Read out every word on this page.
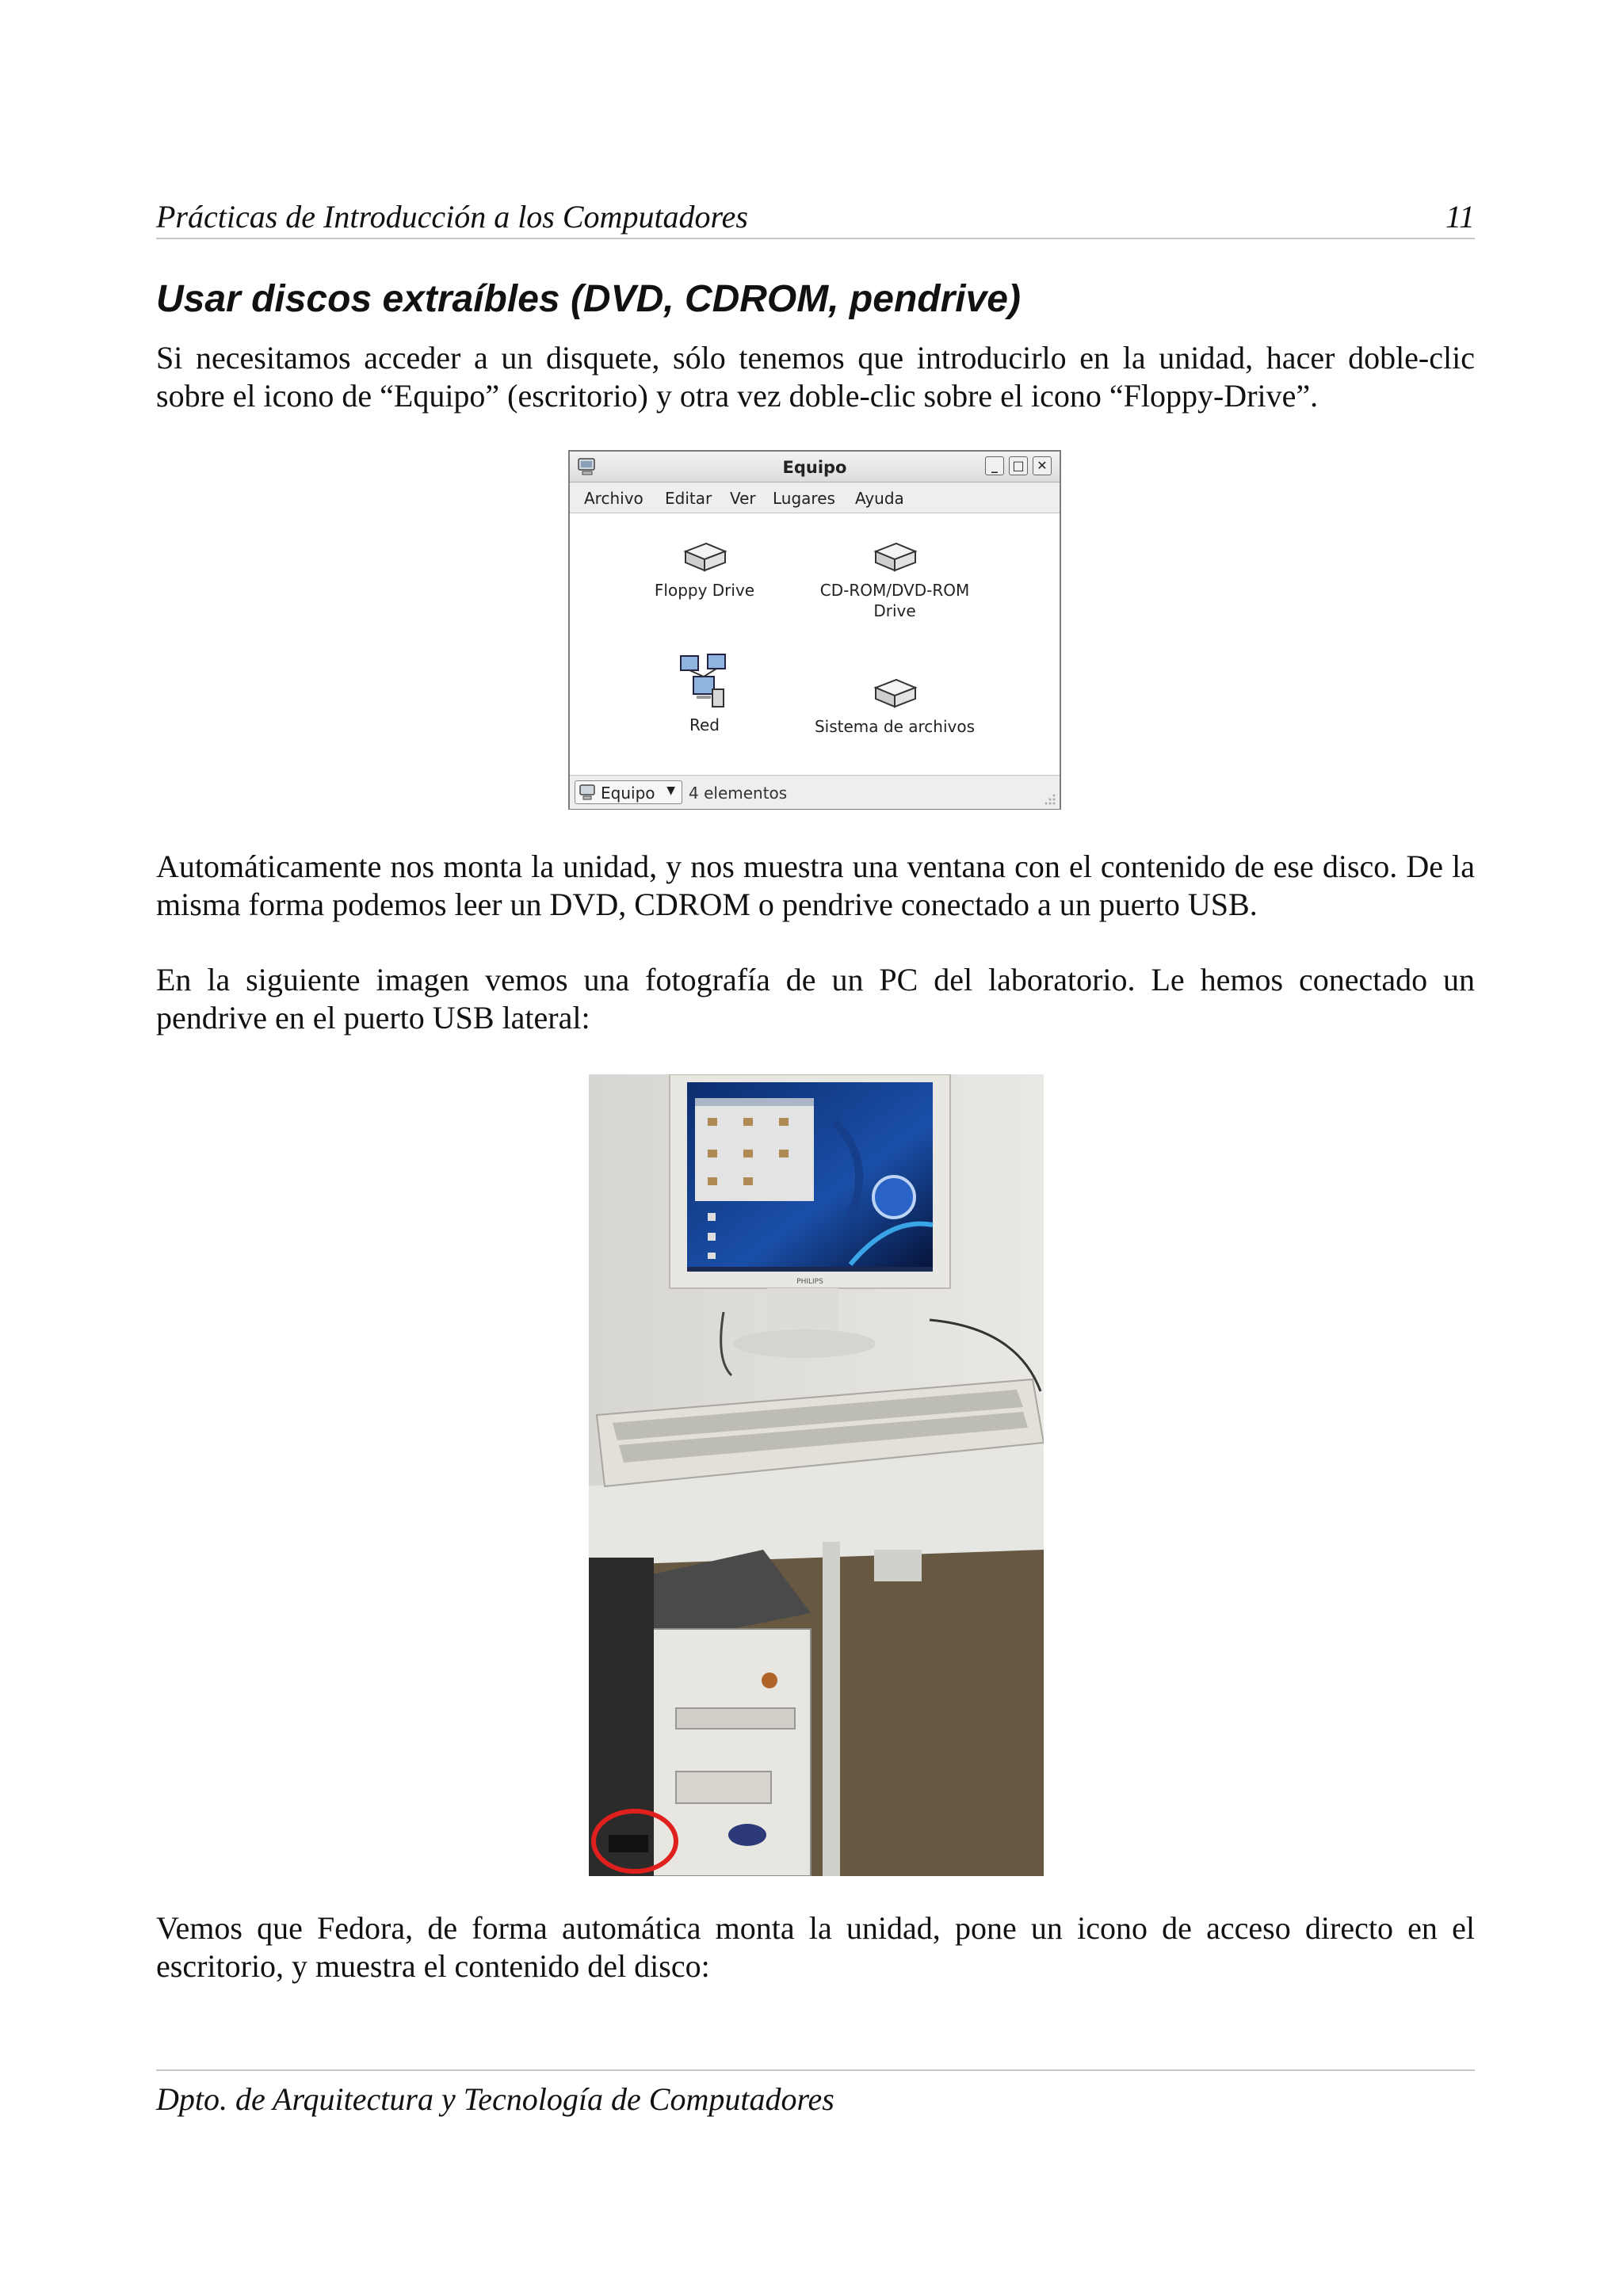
Prácticas de Introducción a los Computadores	11
Usar discos extraíbles (DVD, CDROM, pendrive)

Si necesitamos acceder a un disquete, sólo tenemos que introducirlo en la unidad, hacer doble-clic sobre el icono de “Equipo” (escritorio) y otra vez doble-clic sobre el icono “Floppy-Drive”.

Equipo	_	□ ✕
Archivo Editar Ver Lugares Ayuda
Floppy Drive	CD-ROM/DVD-ROM Drive
Red	Sistema de archivos
Equipo ▼ 4 elementos

Automáticamente nos monta la unidad, y nos muestra una ventana con el contenido de ese disco. De la misma forma podemos leer un DVD, CDROM o pendrive conectado a un puerto USB.

En la siguiente imagen vemos una fotografía de un PC del laboratorio. Le hemos conectado un pendrive en el puerto USB lateral:

PHILIPS

Vemos que Fedora, de forma automática monta la unidad, pone un icono de acceso directo en el escritorio, y muestra el contenido del disco:

Dpto. de Arquitectura y Tecnología de Computadores
